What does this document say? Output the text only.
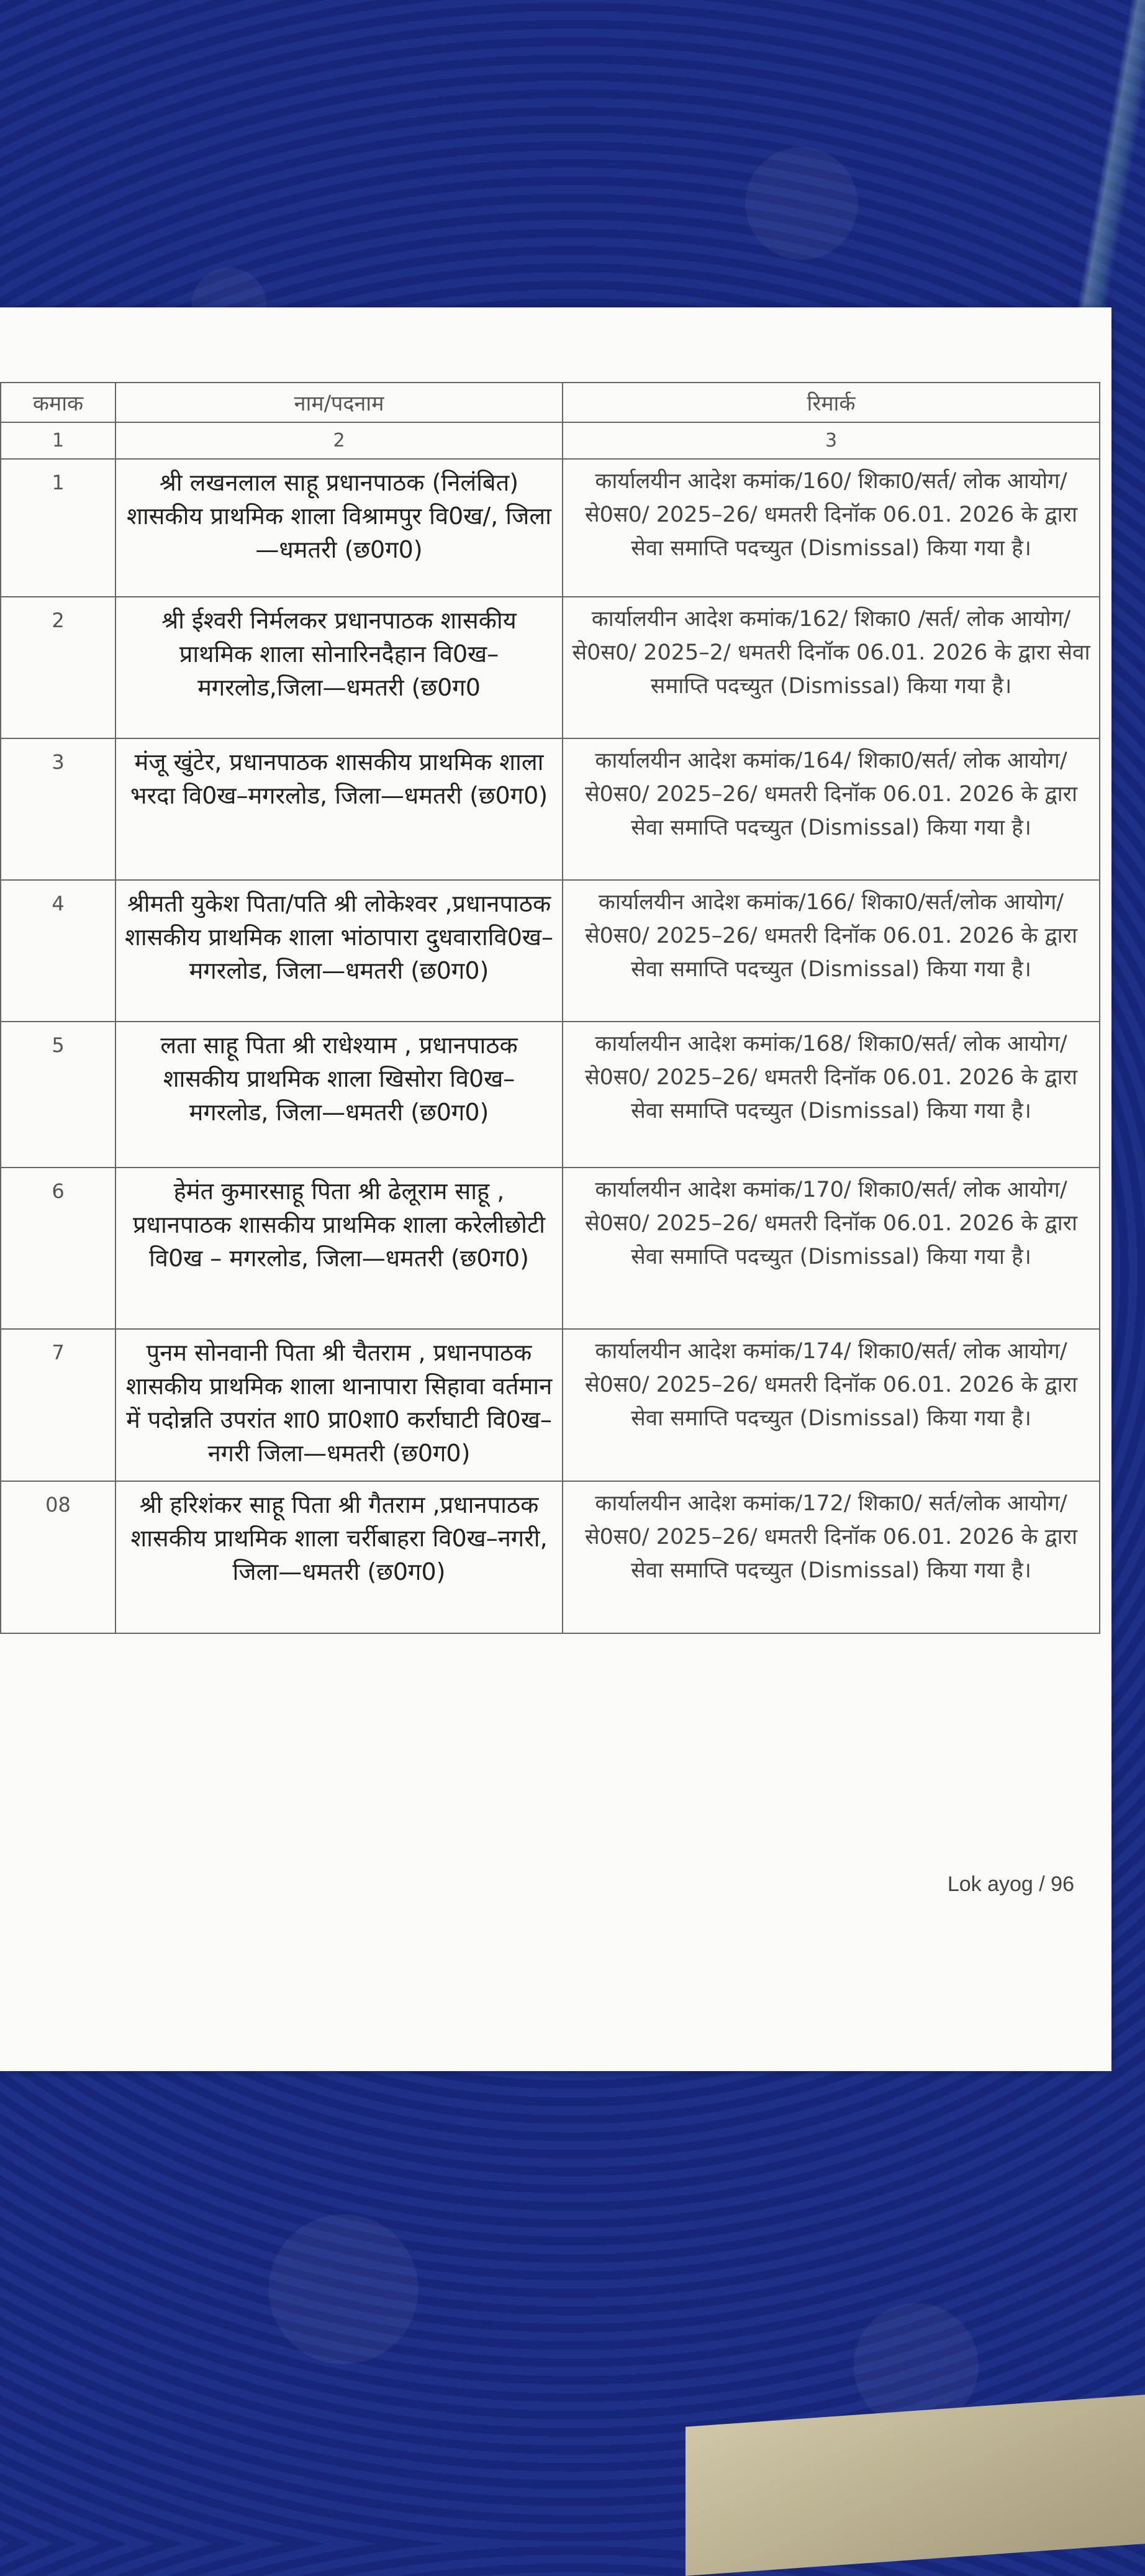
कमाक	नाम/पदनाम	रिमार्क
1	2	3
1	श्री लखनलाल साहू प्रधानपाठक (निलंबित) शासकीय प्राथमिक शाला विश्रामपुर वि0ख/, जिला—धमतरी (छ0ग0)	कार्यालयीन आदेश कमांक/160/ शिका0/सर्त/ लोक आयोग/ से0स0/ 2025–26/ धमतरी दिनॉक 06.01. 2026 के द्वारा सेवा समाप्ति पदच्युत (Dismissal) किया गया है।
2	श्री ईश्वरी निर्मलकर प्रधानपाठक शासकीय प्राथमिक शाला सोनारिनदैहान वि0ख–मगरलोड,जिला—धमतरी (छ0ग0	कार्यालयीन आदेश कमांक/162/ शिका0 /सर्त/ लोक आयोग/ से0स0/ 2025–2/ धमतरी दिनॉक 06.01. 2026 के द्वारा सेवा समाप्ति पदच्युत (Dismissal) किया गया है।
3	मंजू खुंटेर, प्रधानपाठक शासकीय प्राथमिक शाला भरदा वि0ख–मगरलोड, जिला—धमतरी (छ0ग0)	कार्यालयीन आदेश कमांक/164/ शिका0/सर्त/ लोक आयोग/ से0स0/ 2025–26/ धमतरी दिनॉक 06.01. 2026 के द्वारा सेवा समाप्ति पदच्युत (Dismissal) किया गया है।
4	श्रीमती युकेश पिता/पति श्री लोकेश्वर ,प्रधानपाठक शासकीय प्राथमिक शाला भांठापारा दुधवारावि0ख–मगरलोड, जिला—धमतरी (छ0ग0)	कार्यालयीन आदेश कमांक/166/ शिका0/सर्त/लोक आयोग/ से0स0/ 2025–26/ धमतरी दिनॉक 06.01. 2026 के द्वारा सेवा समाप्ति पदच्युत (Dismissal) किया गया है।
5	लता साहू पिता श्री राधेश्याम , प्रधानपाठक शासकीय प्राथमिक शाला खिसोरा वि0ख–मगरलोड, जिला—धमतरी (छ0ग0)	कार्यालयीन आदेश कमांक/168/ शिका0/सर्त/ लोक आयोग/ से0स0/ 2025–26/ धमतरी दिनॉक 06.01. 2026 के द्वारा सेवा समाप्ति पदच्युत (Dismissal) किया गया है।
6	हेमंत कुमारसाहू पिता श्री ढेलूराम साहू , प्रधानपाठक शासकीय प्राथमिक शाला करेलीछोटी वि0ख – मगरलोड, जिला—धमतरी (छ0ग0)	कार्यालयीन आदेश कमांक/170/ शिका0/सर्त/ लोक आयोग/ से0स0/ 2025–26/ धमतरी दिनॉक 06.01. 2026 के द्वारा सेवा समाप्ति पदच्युत (Dismissal) किया गया है।
7	पुनम सोनवानी पिता श्री चैतराम , प्रधानपाठक शासकीय प्राथमिक शाला थानापारा सिहावा वर्तमान में पदोन्नति उपरांत शा0 प्रा0शा0 कर्राघाटी वि0ख–नगरी जिला—धमतरी (छ0ग0)	कार्यालयीन आदेश कमांक/174/ शिका0/सर्त/ लोक आयोग/ से0स0/ 2025–26/ धमतरी दिनॉक 06.01. 2026 के द्वारा सेवा समाप्ति पदच्युत (Dismissal) किया गया है।
08	श्री हरिशंकर साहू पिता श्री गैतराम ,प्रधानपाठक शासकीय प्राथमिक शाला चर्रीबाहरा वि0ख–नगरी, जिला—धमतरी (छ0ग0)	कार्यालयीन आदेश कमांक/172/ शिका0/ सर्त/लोक आयोग/ से0स0/ 2025–26/ धमतरी दिनॉक 06.01. 2026 के द्वारा सेवा समाप्ति पदच्युत (Dismissal) किया गया है।
Lok ayog / 96
